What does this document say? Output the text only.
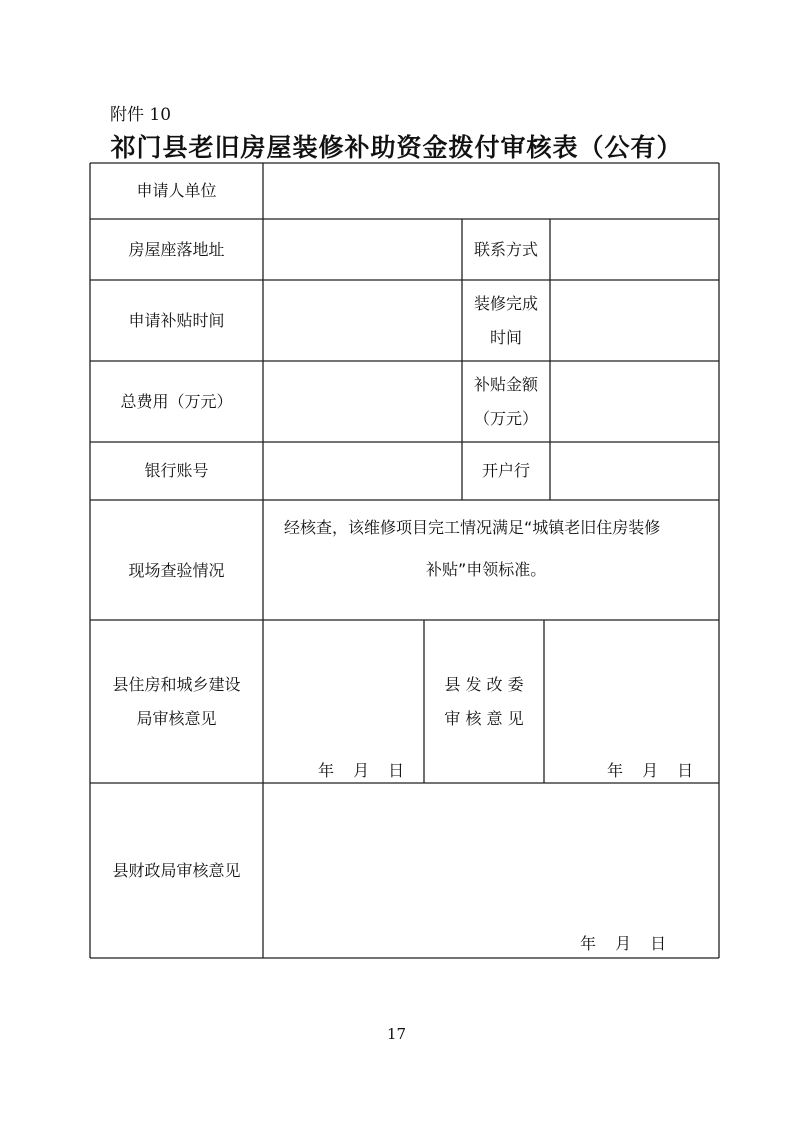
附件 10
祁门县老旧房屋装修补助资金拨付审核表（公有）
申请人单位
房屋座落地址	联系方式
申请补贴时间
装修完成
时间
总费用（万元）
补贴金额
（万元）
银行账号	开户行
现场查验情况
经核查，该维修项目完工情况满足“城镇老旧住房装修
补贴”申领标准。
县住房和城乡建设
局审核意见
年 月 日
县 发 改 委
审 核 意 见
年 月 日
县财政局审核意见
年 月 日
17
